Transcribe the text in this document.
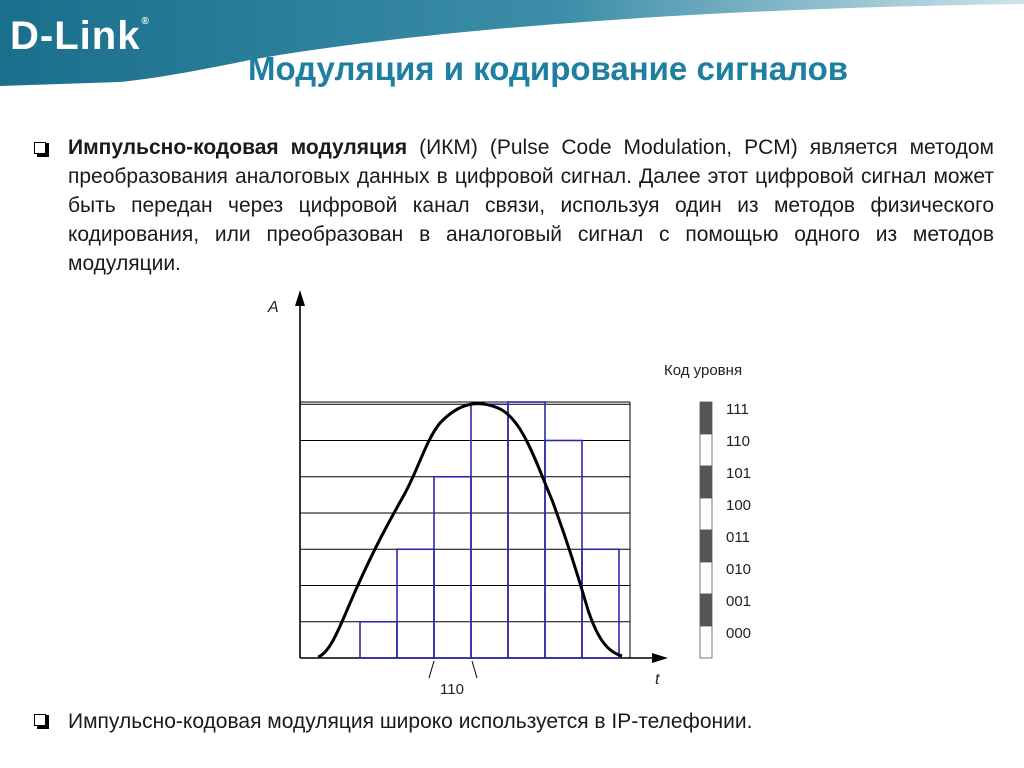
D-Link®
Модуляция и кодирование сигналов
Импульсно-кодовая модуляция (ИКМ) (Pulse Code Modulation, PCM) является методом преобразования аналоговых данных в цифровой сигнал. Далее этот цифровой сигнал может быть передан через цифровой канал связи, используя один из методов физического кодирования, или преобразован в аналоговый сигнал с помощью одного из методов модуляции.
A
t
110
Код уровня
111
110
101
100
011
010
001
000
Импульсно-кодовая модуляция широко используется в IP-телефонии.
